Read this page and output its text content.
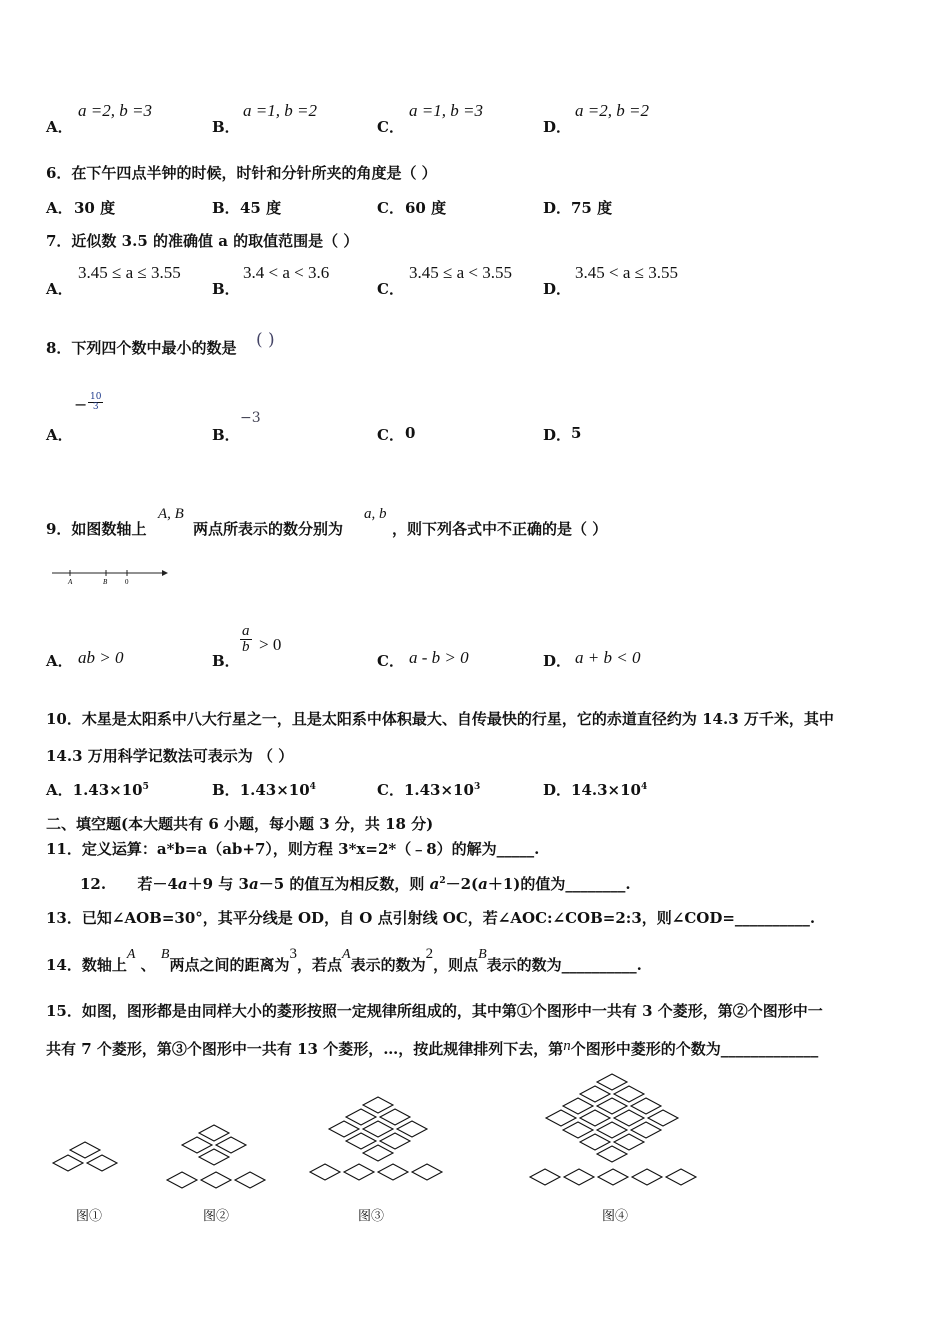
A．
a =2, b =3
B．
a =1, b =2
C．
a =1, b =3
D．
a =2, b =2
6．在下午四点半钟的时候，时针和分针所夹的角度是（ ）
A． 30 度	B． 45 度	C． 60 度	D． 75 度
7．近似数 3.5 的准确值 a 的取值范围是（ ）
A．
3.45 ≤ a ≤ 3.55
B．
3.4 < a < 3.6
C．
3.45 ≤ a < 3.55
D．
3.45 < a ≤ 3.55
8．下列四个数中最小的数是 ( )
A．
− $\frac{10}{3}$
B．
−3
C． 0	D． 5
9．如图数轴上
A, B
两点所表示的数分别为
a, b
，则下列各式中不正确的是（ ）
A	B	0
A． ab > 0	B．
$\frac{a}{b} > 0$
C． a - b > 0	D． a + b < 0
10．木星是太阳系中八大行星之一，且是太阳系中体积最大、自传最快的行星，它的赤道直径约为 14.3 万千米，其中
14.3 万用科学记数法可表示为 （ ）
A．$1.43\times 10^5$	B．$1.43\times 10^4$	C．$1.43\times 10^3$	D．$14.3\times 10^4$
二、填空题(本大题共有 6 小题，每小题 3 分，共 18 分)
11．定义运算：a*b=a（ab+7），则方程 3*x=2*（﹣8）的解为_____.
12. 若－4a＋9 与 3a－5 的值互为相反数，则 $a^2-2(a+1)$的值为________.
13．已知∠AOB=30°，其平分线是 OD，自 O 点引射线 OC，若∠AOC:∠COB=2:3，则∠COD=__________.
14．数轴上A 、 B两点之间的距离为3，若点A表示的数为2，则点B表示的数为__________.
15．如图，图形都是由同样大小的菱形按照一定规律所组成的，其中第①个图形中一共有 3 个菱形，第②个图形中一
共有 7 个菱形，第③个图形中一共有 13 个菱形，…，按此规律排列下去，第n个图形中菱形的个数为_____________
图①	图②	图③	图④
